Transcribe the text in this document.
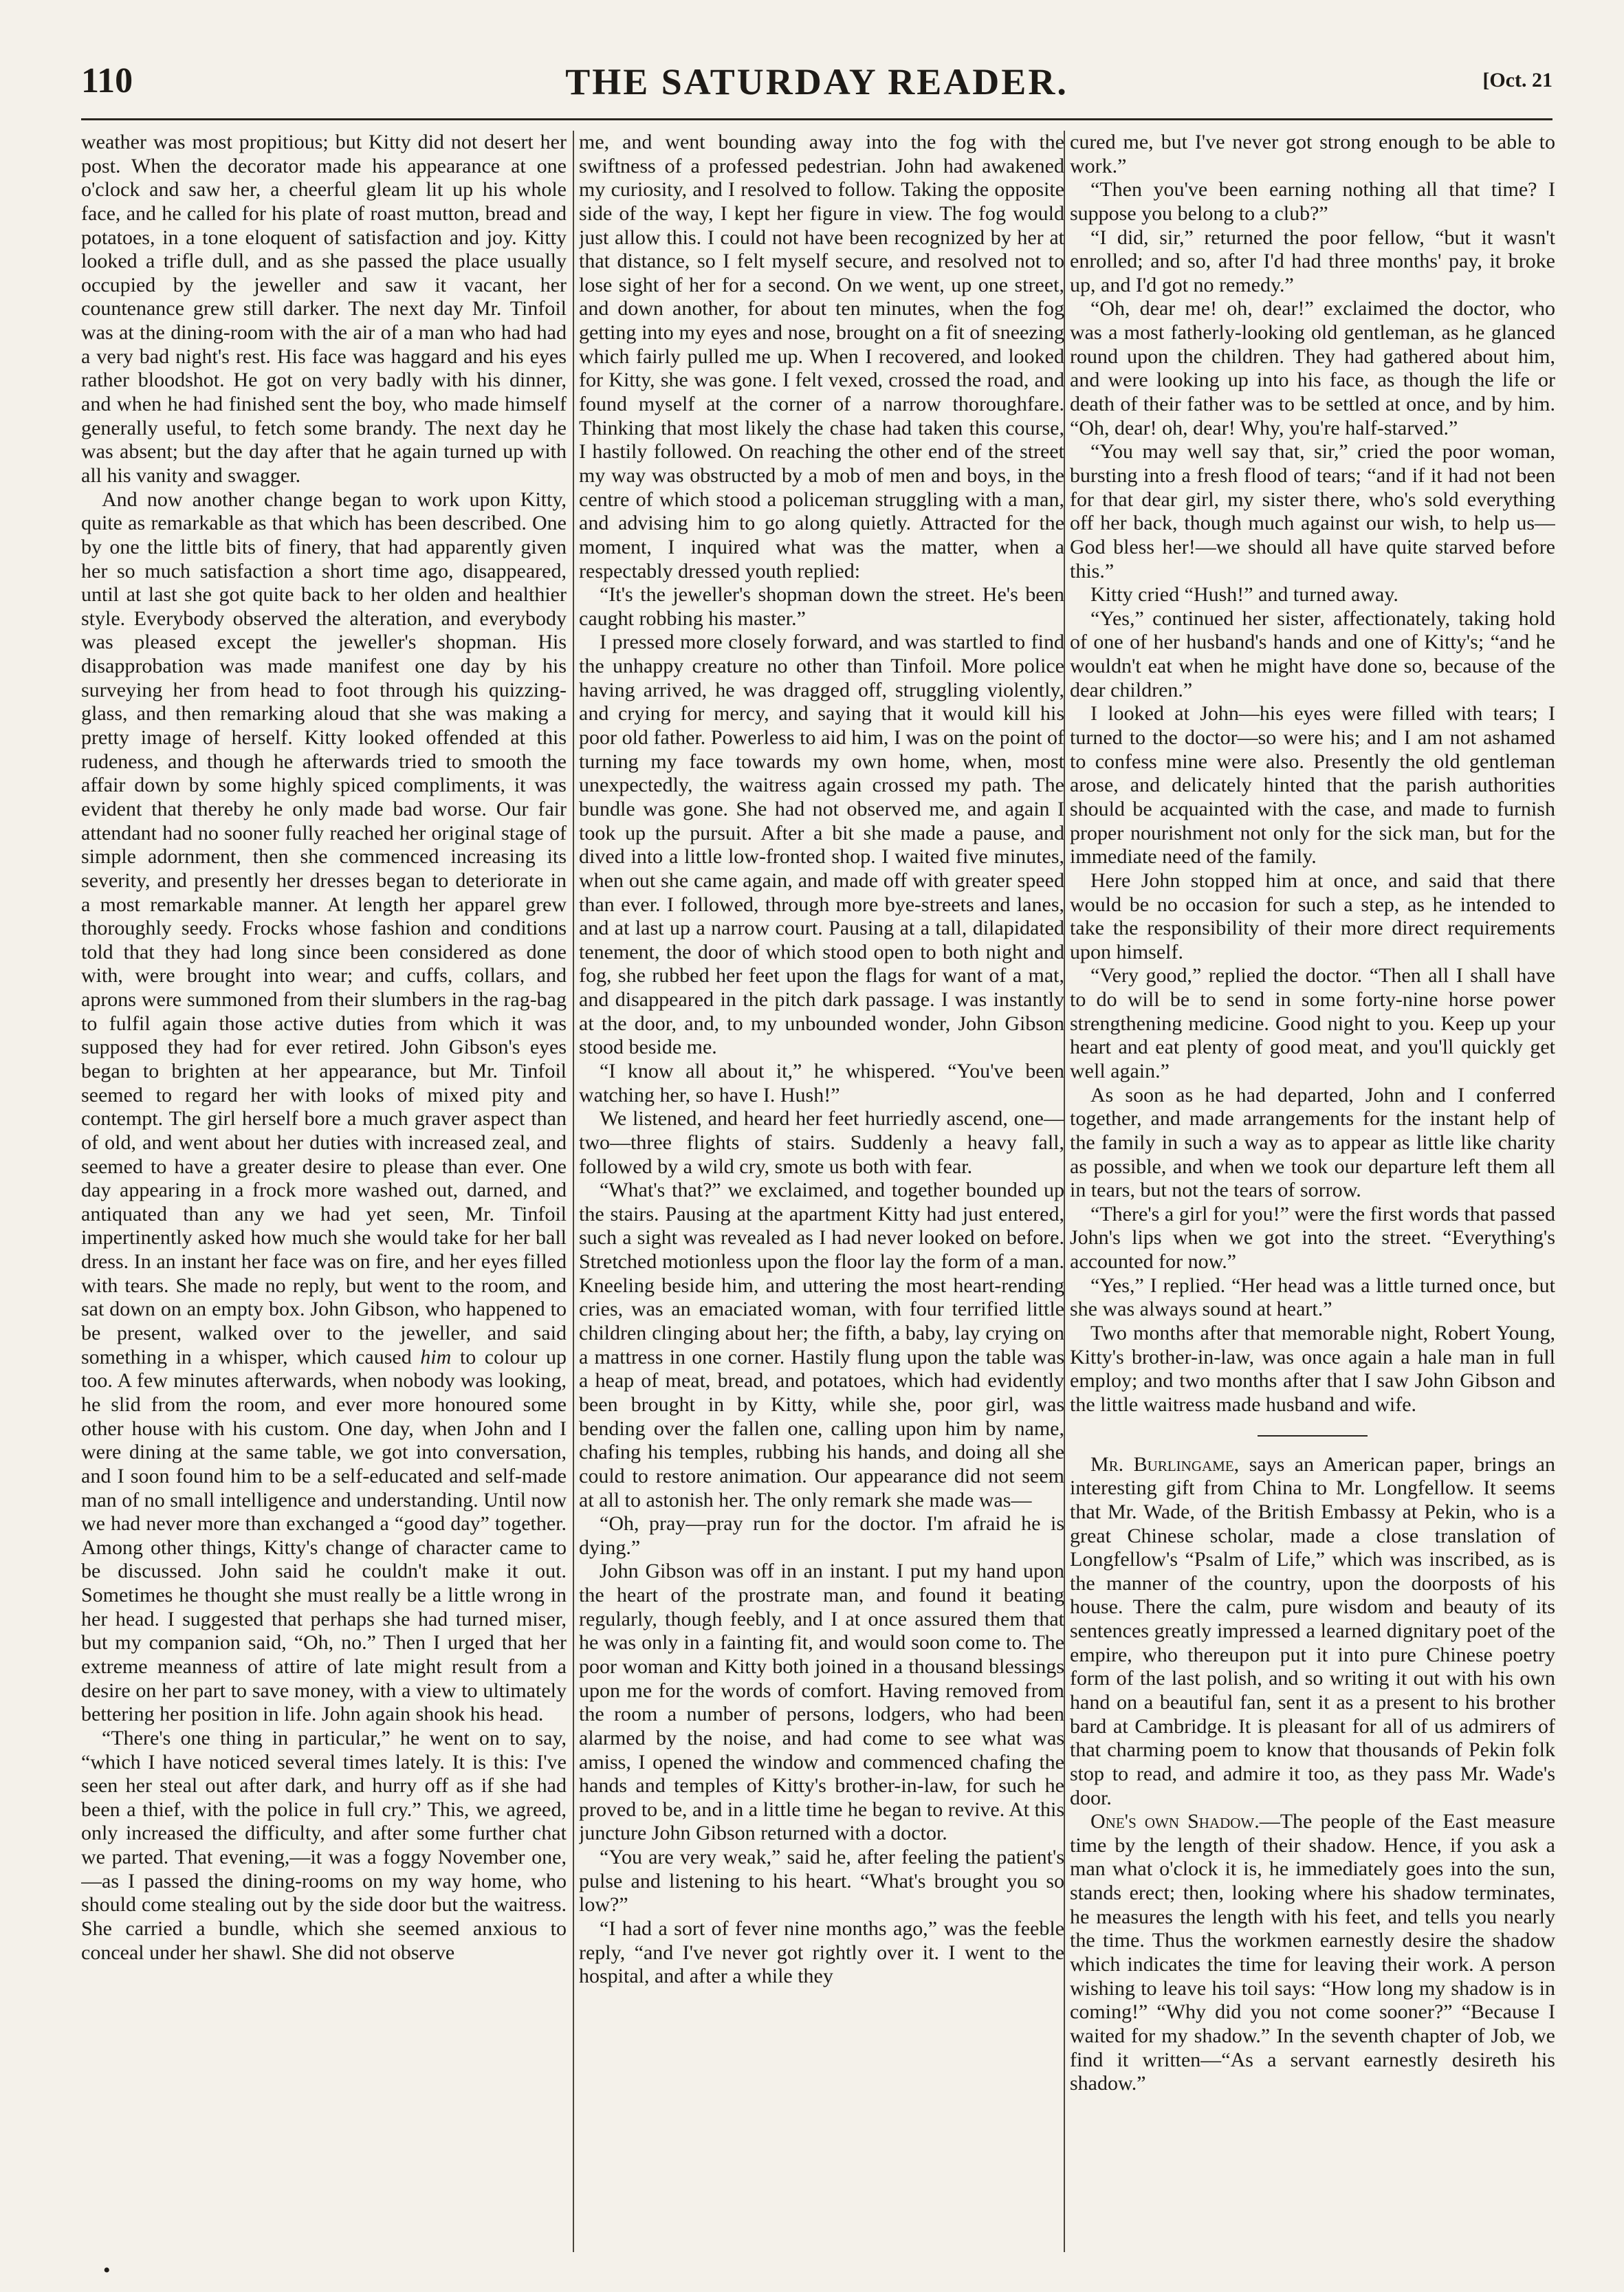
110	THE SATURDAY READER.	[Oct. 21

weather was most propitious; but Kitty did not desert her post. When the decorator made his appearance at one o'clock and saw her, a cheerful gleam lit up his whole face, and he called for his plate of roast mutton, bread and potatoes, in a tone eloquent of satisfaction and joy. Kitty looked a trifle dull, and as she passed the place usually occupied by the jeweller and saw it vacant, her countenance grew still darker. The next day Mr. Tinfoil was at the dining-room with the air of a man who had had a very bad night's rest. His face was haggard and his eyes rather bloodshot. He got on very badly with his dinner, and when he had finished sent the boy, who made himself generally useful, to fetch some brandy. The next day he was absent; but the day after that he again turned up with all his vanity and swagger.

And now another change began to work upon Kitty, quite as remarkable as that which has been described. One by one the little bits of finery, that had apparently given her so much satisfaction a short time ago, disappeared, until at last she got quite back to her olden and healthier style. Everybody observed the alteration, and everybody was pleased except the jeweller's shopman. His disapprobation was made manifest one day by his surveying her from head to foot through his quizzing-glass, and then remarking aloud that she was making a pretty image of herself. Kitty looked offended at this rudeness, and though he afterwards tried to smooth the affair down by some highly spiced compliments, it was evident that thereby he only made bad worse. Our fair attendant had no sooner fully reached her original stage of simple adornment, then she commenced increasing its severity, and presently her dresses began to deteriorate in a most remarkable manner. At length her apparel grew thoroughly seedy. Frocks whose fashion and conditions told that they had long since been considered as done with, were brought into wear; and cuffs, collars, and aprons were summoned from their slumbers in the rag-bag to fulfil again those active duties from which it was supposed they had for ever retired. John Gibson's eyes began to brighten at her appearance, but Mr. Tinfoil seemed to regard her with looks of mixed pity and contempt. The girl herself bore a much graver aspect than of old, and went about her duties with increased zeal, and seemed to have a greater desire to please than ever. One day appearing in a frock more washed out, darned, and antiquated than any we had yet seen, Mr. Tinfoil impertinently asked how much she would take for her ball dress. In an instant her face was on fire, and her eyes filled with tears. She made no reply, but went to the room, and sat down on an empty box. John Gibson, who happened to be present, walked over to the jeweller, and said something in a whisper, which caused him to colour up too. A few minutes afterwards, when nobody was looking, he slid from the room, and ever more honoured some other house with his custom. One day, when John and I were dining at the same table, we got into conversation, and I soon found him to be a self-educated and self-made man of no small intelligence and understanding. Until now we had never more than exchanged a “good day” together. Among other things, Kitty's change of character came to be discussed. John said he couldn't make it out. Sometimes he thought she must really be a little wrong in her head. I suggested that perhaps she had turned miser, but my companion said, “Oh, no.” Then I urged that her extreme meanness of attire of late might result from a desire on her part to save money, with a view to ultimately bettering her position in life. John again shook his head.

“There's one thing in particular,” he went on to say, “which I have noticed several times lately. It is this: I've seen her steal out after dark, and hurry off as if she had been a thief, with the police in full cry.” This, we agreed, only increased the difficulty, and after some further chat we parted. That evening,—it was a foggy November one,—as I passed the dining-rooms on my way home, who should come stealing out by the side door but the waitress. She carried a bundle, which she seemed anxious to conceal under her shawl. She did not observe

me, and went bounding away into the fog with the swiftness of a professed pedestrian. John had awakened my curiosity, and I resolved to follow. Taking the opposite side of the way, I kept her figure in view. The fog would just allow this. I could not have been recognized by her at that distance, so I felt myself secure, and resolved not to lose sight of her for a second. On we went, up one street, and down another, for about ten minutes, when the fog getting into my eyes and nose, brought on a fit of sneezing which fairly pulled me up. When I recovered, and looked for Kitty, she was gone. I felt vexed, crossed the road, and found myself at the corner of a narrow thoroughfare. Thinking that most likely the chase had taken this course, I hastily followed. On reaching the other end of the street my way was obstructed by a mob of men and boys, in the centre of which stood a policeman struggling with a man, and advising him to go along quietly. Attracted for the moment, I inquired what was the matter, when a respectably dressed youth replied:

“It's the jeweller's shopman down the street. He's been caught robbing his master.”

I pressed more closely forward, and was startled to find the unhappy creature no other than Tinfoil. More police having arrived, he was dragged off, struggling violently, and crying for mercy, and saying that it would kill his poor old father. Powerless to aid him, I was on the point of turning my face towards my own home, when, most unexpectedly, the waitress again crossed my path. The bundle was gone. She had not observed me, and again I took up the pursuit. After a bit she made a pause, and dived into a little low-fronted shop. I waited five minutes, when out she came again, and made off with greater speed than ever. I followed, through more bye-streets and lanes, and at last up a narrow court. Pausing at a tall, dilapidated tenement, the door of which stood open to both night and fog, she rubbed her feet upon the flags for want of a mat, and disappeared in the pitch dark passage. I was instantly at the door, and, to my unbounded wonder, John Gibson stood beside me.

“I know all about it,” he whispered. “You've been watching her, so have I. Hush!”

We listened, and heard her feet hurriedly ascend, one—two—three flights of stairs. Suddenly a heavy fall, followed by a wild cry, smote us both with fear.

“What's that?” we exclaimed, and together bounded up the stairs. Pausing at the apartment Kitty had just entered, such a sight was revealed as I had never looked on before. Stretched motionless upon the floor lay the form of a man. Kneeling beside him, and uttering the most heart-rending cries, was an emaciated woman, with four terrified little children clinging about her; the fifth, a baby, lay crying on a mattress in one corner. Hastily flung upon the table was a heap of meat, bread, and potatoes, which had evidently been brought in by Kitty, while she, poor girl, was bending over the fallen one, calling upon him by name, chafing his temples, rubbing his hands, and doing all she could to restore animation. Our appearance did not seem at all to astonish her. The only remark she made was—

“Oh, pray—pray run for the doctor. I'm afraid he is dying.”

John Gibson was off in an instant. I put my hand upon the heart of the prostrate man, and found it beating regularly, though feebly, and I at once assured them that he was only in a fainting fit, and would soon come to. The poor woman and Kitty both joined in a thousand blessings upon me for the words of comfort. Having removed from the room a number of persons, lodgers, who had been alarmed by the noise, and had come to see what was amiss, I opened the window and commenced chafing the hands and temples of Kitty's brother-in-law, for such he proved to be, and in a little time he began to revive. At this juncture John Gibson returned with a doctor.

“You are very weak,” said he, after feeling the patient's pulse and listening to his heart. “What's brought you so low?”

“I had a sort of fever nine months ago,” was the feeble reply, “and I've never got rightly over it. I went to the hospital, and after a while they

cured me, but I've never got strong enough to be able to work.”

“Then you've been earning nothing all that time? I suppose you belong to a club?”

“I did, sir,” returned the poor fellow, “but it wasn't enrolled; and so, after I'd had three months' pay, it broke up, and I'd got no remedy.”

“Oh, dear me! oh, dear!” exclaimed the doctor, who was a most fatherly-looking old gentleman, as he glanced round upon the children. They had gathered about him, and were looking up into his face, as though the life or death of their father was to be settled at once, and by him. “Oh, dear! oh, dear! Why, you're half-starved.”

“You may well say that, sir,” cried the poor woman, bursting into a fresh flood of tears; “and if it had not been for that dear girl, my sister there, who's sold everything off her back, though much against our wish, to help us—God bless her!—we should all have quite starved before this.”

Kitty cried “Hush!” and turned away.

“Yes,” continued her sister, affectionately, taking hold of one of her husband's hands and one of Kitty's; “and he wouldn't eat when he might have done so, because of the dear children.”

I looked at John—his eyes were filled with tears; I turned to the doctor—so were his; and I am not ashamed to confess mine were also. Presently the old gentleman arose, and delicately hinted that the parish authorities should be acquainted with the case, and made to furnish proper nourishment not only for the sick man, but for the immediate need of the family.

Here John stopped him at once, and said that there would be no occasion for such a step, as he intended to take the responsibility of their more direct requirements upon himself.

“Very good,” replied the doctor. “Then all I shall have to do will be to send in some forty-nine horse power strengthening medicine. Good night to you. Keep up your heart and eat plenty of good meat, and you'll quickly get well again.”

As soon as he had departed, John and I conferred together, and made arrangements for the instant help of the family in such a way as to appear as little like charity as possible, and when we took our departure left them all in tears, but not the tears of sorrow.

“There's a girl for you!” were the first words that passed John's lips when we got into the street. “Everything's accounted for now.”

“Yes,” I replied. “Her head was a little turned once, but she was always sound at heart.”

Two months after that memorable night, Robert Young, Kitty's brother-in-law, was once again a hale man in full employ; and two months after that I saw John Gibson and the little waitress made husband and wife.

Mr. Burlingame, says an American paper, brings an interesting gift from China to Mr. Longfellow. It seems that Mr. Wade, of the British Embassy at Pekin, who is a great Chinese scholar, made a close translation of Longfellow's “Psalm of Life,” which was inscribed, as is the manner of the country, upon the doorposts of his house. There the calm, pure wisdom and beauty of its sentences greatly impressed a learned dignitary poet of the empire, who thereupon put it into pure Chinese poetry form of the last polish, and so writing it out with his own hand on a beautiful fan, sent it as a present to his brother bard at Cambridge. It is pleasant for all of us admirers of that charming poem to know that thousands of Pekin folk stop to read, and admire it too, as they pass Mr. Wade's door.

One's own Shadow.—The people of the East measure time by the length of their shadow. Hence, if you ask a man what o'clock it is, he immediately goes into the sun, stands erect; then, looking where his shadow terminates, he measures the length with his feet, and tells you nearly the time. Thus the workmen earnestly desire the shadow which indicates the time for leaving their work. A person wishing to leave his toil says: “How long my shadow is in coming!” “Why did you not come sooner?” “Because I waited for my shadow.” In the seventh chapter of Job, we find it written—“As a servant earnestly desireth his shadow.”

•
